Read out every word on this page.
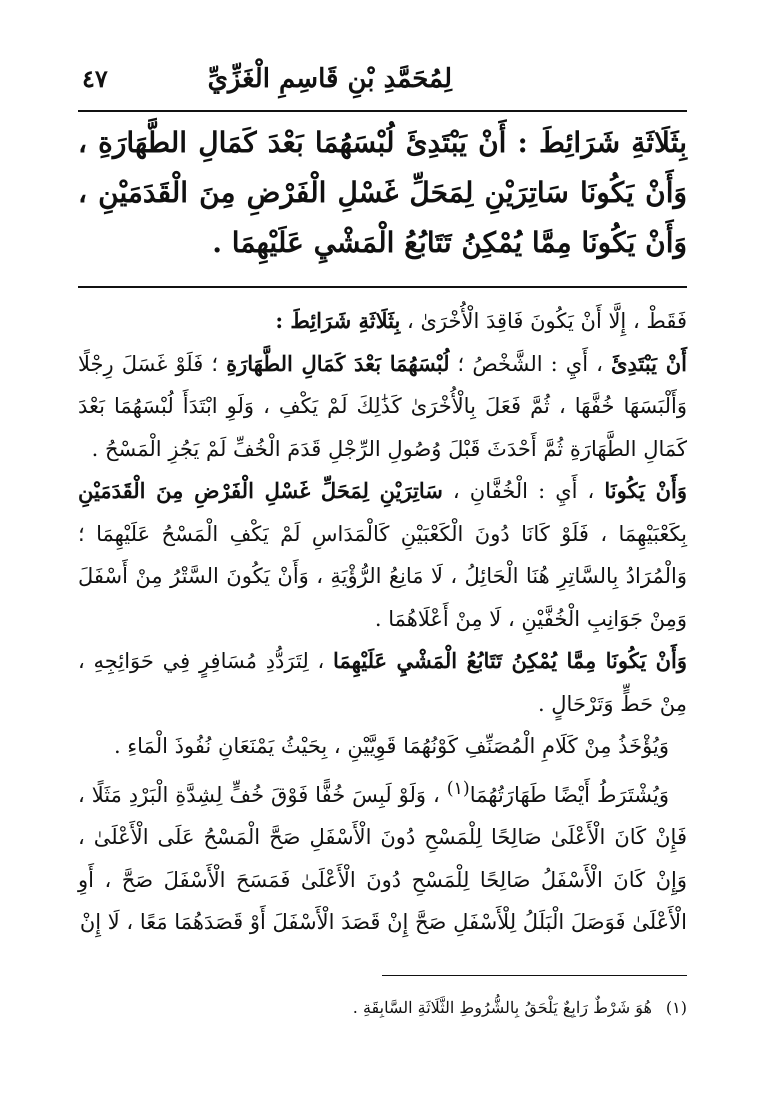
لِمُحَمَّدِ بْنِ قَاسِمِ الْغَزِّيِّ
٤٧

بِثَلَاثَةِ شَرَائِطَ : أَنْ يَبْتَدِئَ لُبْسَهُمَا بَعْدَ كَمَالِ الطَّهَارَةِ ، وَأَنْ يَكُونَا سَاتِرَيْنِ لِمَحَلِّ غَسْلِ الْفَرْضِ مِنَ الْقَدَمَيْنِ ، وَأَنْ يَكُونَا مِمَّا يُمْكِنُ تَتَابُعُ الْمَشْيِ عَلَيْهِمَا .

فَقَطْ ، إِلَّا أَنْ يَكُونَ فَاقِدَ الْأُخْرَىٰ ، بِثَلَاثَةِ شَرَائِطَ :

أَنْ يَبْتَدِئَ ، أَيِ : الشَّخْصُ ؛ لُبْسَهُمَا بَعْدَ كَمَالِ الطَّهَارَةِ ؛ فَلَوْ غَسَلَ رِجْلًا وَأَلْبَسَهَا خُفَّهَا ، ثُمَّ فَعَلَ بِالْأُخْرَىٰ كَذَٰلِكَ لَمْ يَكْفِ ، وَلَوِ ابْتَدَأَ لُبْسَهُمَا بَعْدَ كَمَالِ الطَّهَارَةِ ثُمَّ أَحْدَثَ قَبْلَ وُصُولِ الرِّجْلِ قَدَمَ الْخُفِّ لَمْ يَجُزِ الْمَسْحُ .

وَأَنْ يَكُونَا ، أَيِ : الْخُفَّانِ ، سَاتِرَيْنِ لِمَحَلِّ غَسْلِ الْفَرْضِ مِنَ الْقَدَمَيْنِ بِكَعْبَيْهِمَا ، فَلَوْ كَانَا دُونَ الْكَعْبَيْنِ كَالْمَدَاسِ لَمْ يَكْفِ الْمَسْحُ عَلَيْهِمَا ؛ وَالْمُرَادُ بِالسَّاتِرِ هُنَا الْحَائِلُ ، لَا مَانِعُ الرُّؤْيَةِ ، وَأَنْ يَكُونَ السَّتْرُ مِنْ أَسْفَلَ وَمِنْ جَوَانِبِ الْخُفَّيْنِ ، لَا مِنْ أَعْلَاهُمَا .

وَأَنْ يَكُونَا مِمَّا يُمْكِنُ تَتَابُعُ الْمَشْيِ عَلَيْهِمَا ، لِتَرَدُّدِ مُسَافِرٍ فِي حَوَائِجِهِ ، مِنْ حَطٍّ وَتَرْحَالٍ .

وَيُؤْخَذُ مِنْ كَلَامِ الْمُصَنِّفِ كَوْنُهُمَا قَوِيَّيْنِ ، بِحَيْثُ يَمْنَعَانِ نُفُوذَ الْمَاءِ .

وَيُشْتَرَطُ أَيْضًا طَهَارَتُهُمَا$^{(١)}$ ، وَلَوْ لَبِسَ خُفًّا فَوْقَ خُفٍّ لِشِدَّةِ الْبَرْدِ مَثَلًا ، فَإِنْ كَانَ الْأَعْلَىٰ صَالِحًا لِلْمَسْحِ دُونَ الْأَسْفَلِ صَحَّ الْمَسْحُ عَلَى الْأَعْلَىٰ ، وَإِنْ كَانَ الْأَسْفَلُ صَالِحًا لِلْمَسْحِ دُونَ الْأَعْلَىٰ فَمَسَحَ الْأَسْفَلَ صَحَّ ، أَوِ الْأَعْلَىٰ فَوَصَلَ الْبَلَلُ لِلْأَسْفَلِ صَحَّ إِنْ قَصَدَ الْأَسْفَلَ أَوْ قَصَدَهُمَا مَعًا ، لَا إِنْ

(١)هُوَ شَرْطٌ رَابِعٌ يَلْحَقُ بِالشُّرُوطِ الثَّلَاثَةِ السَّابِقَةِ .
